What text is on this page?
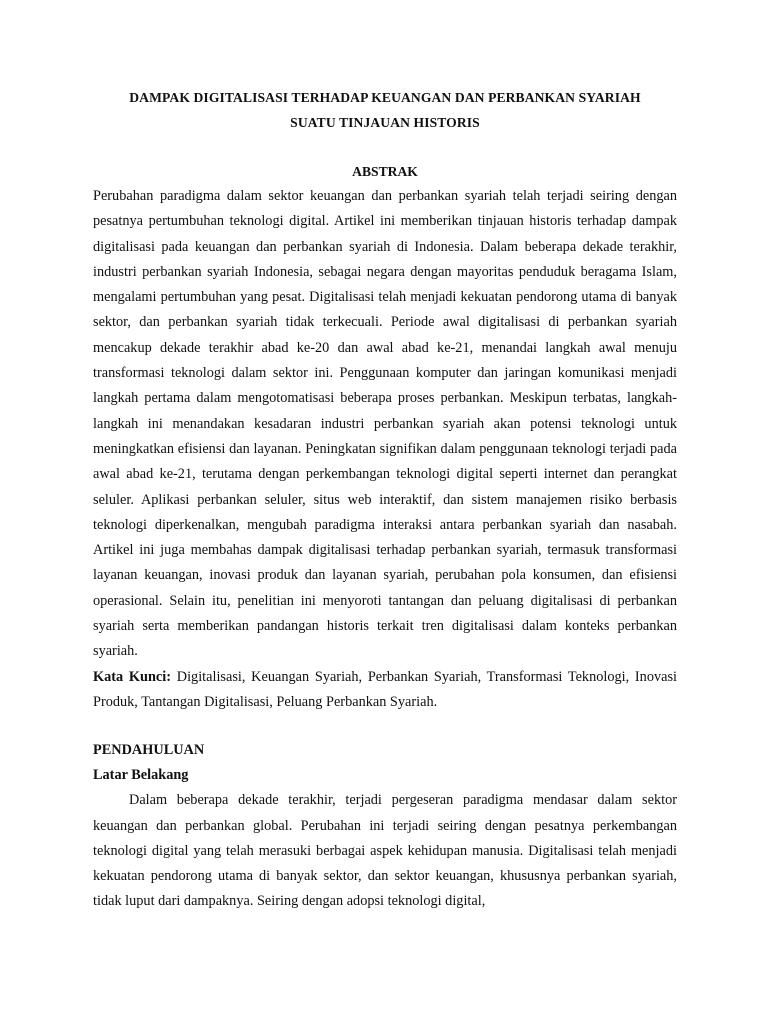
DAMPAK DIGITALISASI TERHADAP KEUANGAN DAN PERBANKAN SYARIAH
SUATU TINJAUAN HISTORIS
ABSTRAK

Perubahan paradigma dalam sektor keuangan dan perbankan syariah telah terjadi seiring dengan pesatnya pertumbuhan teknologi digital. Artikel ini memberikan tinjauan historis terhadap dampak digitalisasi pada keuangan dan perbankan syariah di Indonesia. Dalam beberapa dekade terakhir, industri perbankan syariah Indonesia, sebagai negara dengan mayoritas penduduk beragama Islam, mengalami pertumbuhan yang pesat. Digitalisasi telah menjadi kekuatan pendorong utama di banyak sektor, dan perbankan syariah tidak terkecuali. Periode awal digitalisasi di perbankan syariah mencakup dekade terakhir abad ke-20 dan awal abad ke-21, menandai langkah awal menuju transformasi teknologi dalam sektor ini. Penggunaan komputer dan jaringan komunikasi menjadi langkah pertama dalam mengotomatisasi beberapa proses perbankan. Meskipun terbatas, langkah-langkah ini menandakan kesadaran industri perbankan syariah akan potensi teknologi untuk meningkatkan efisiensi dan layanan. Peningkatan signifikan dalam penggunaan teknologi terjadi pada awal abad ke-21, terutama dengan perkembangan teknologi digital seperti internet dan perangkat seluler. Aplikasi perbankan seluler, situs web interaktif, dan sistem manajemen risiko berbasis teknologi diperkenalkan, mengubah paradigma interaksi antara perbankan syariah dan nasabah. Artikel ini juga membahas dampak digitalisasi terhadap perbankan syariah, termasuk transformasi layanan keuangan, inovasi produk dan layanan syariah, perubahan pola konsumen, dan efisiensi operasional. Selain itu, penelitian ini menyoroti tantangan dan peluang digitalisasi di perbankan syariah serta memberikan pandangan historis terkait tren digitalisasi dalam konteks perbankan syariah.

Kata Kunci: Digitalisasi, Keuangan Syariah, Perbankan Syariah, Transformasi Teknologi, Inovasi Produk, Tantangan Digitalisasi, Peluang Perbankan Syariah.

PENDAHULUAN
Latar Belakang

Dalam beberapa dekade terakhir, terjadi pergeseran paradigma mendasar dalam sektor keuangan dan perbankan global. Perubahan ini terjadi seiring dengan pesatnya perkembangan teknologi digital yang telah merasuki berbagai aspek kehidupan manusia. Digitalisasi telah menjadi kekuatan pendorong utama di banyak sektor, dan sektor keuangan, khususnya perbankan syariah, tidak luput dari dampaknya. Seiring dengan adopsi teknologi digital,
